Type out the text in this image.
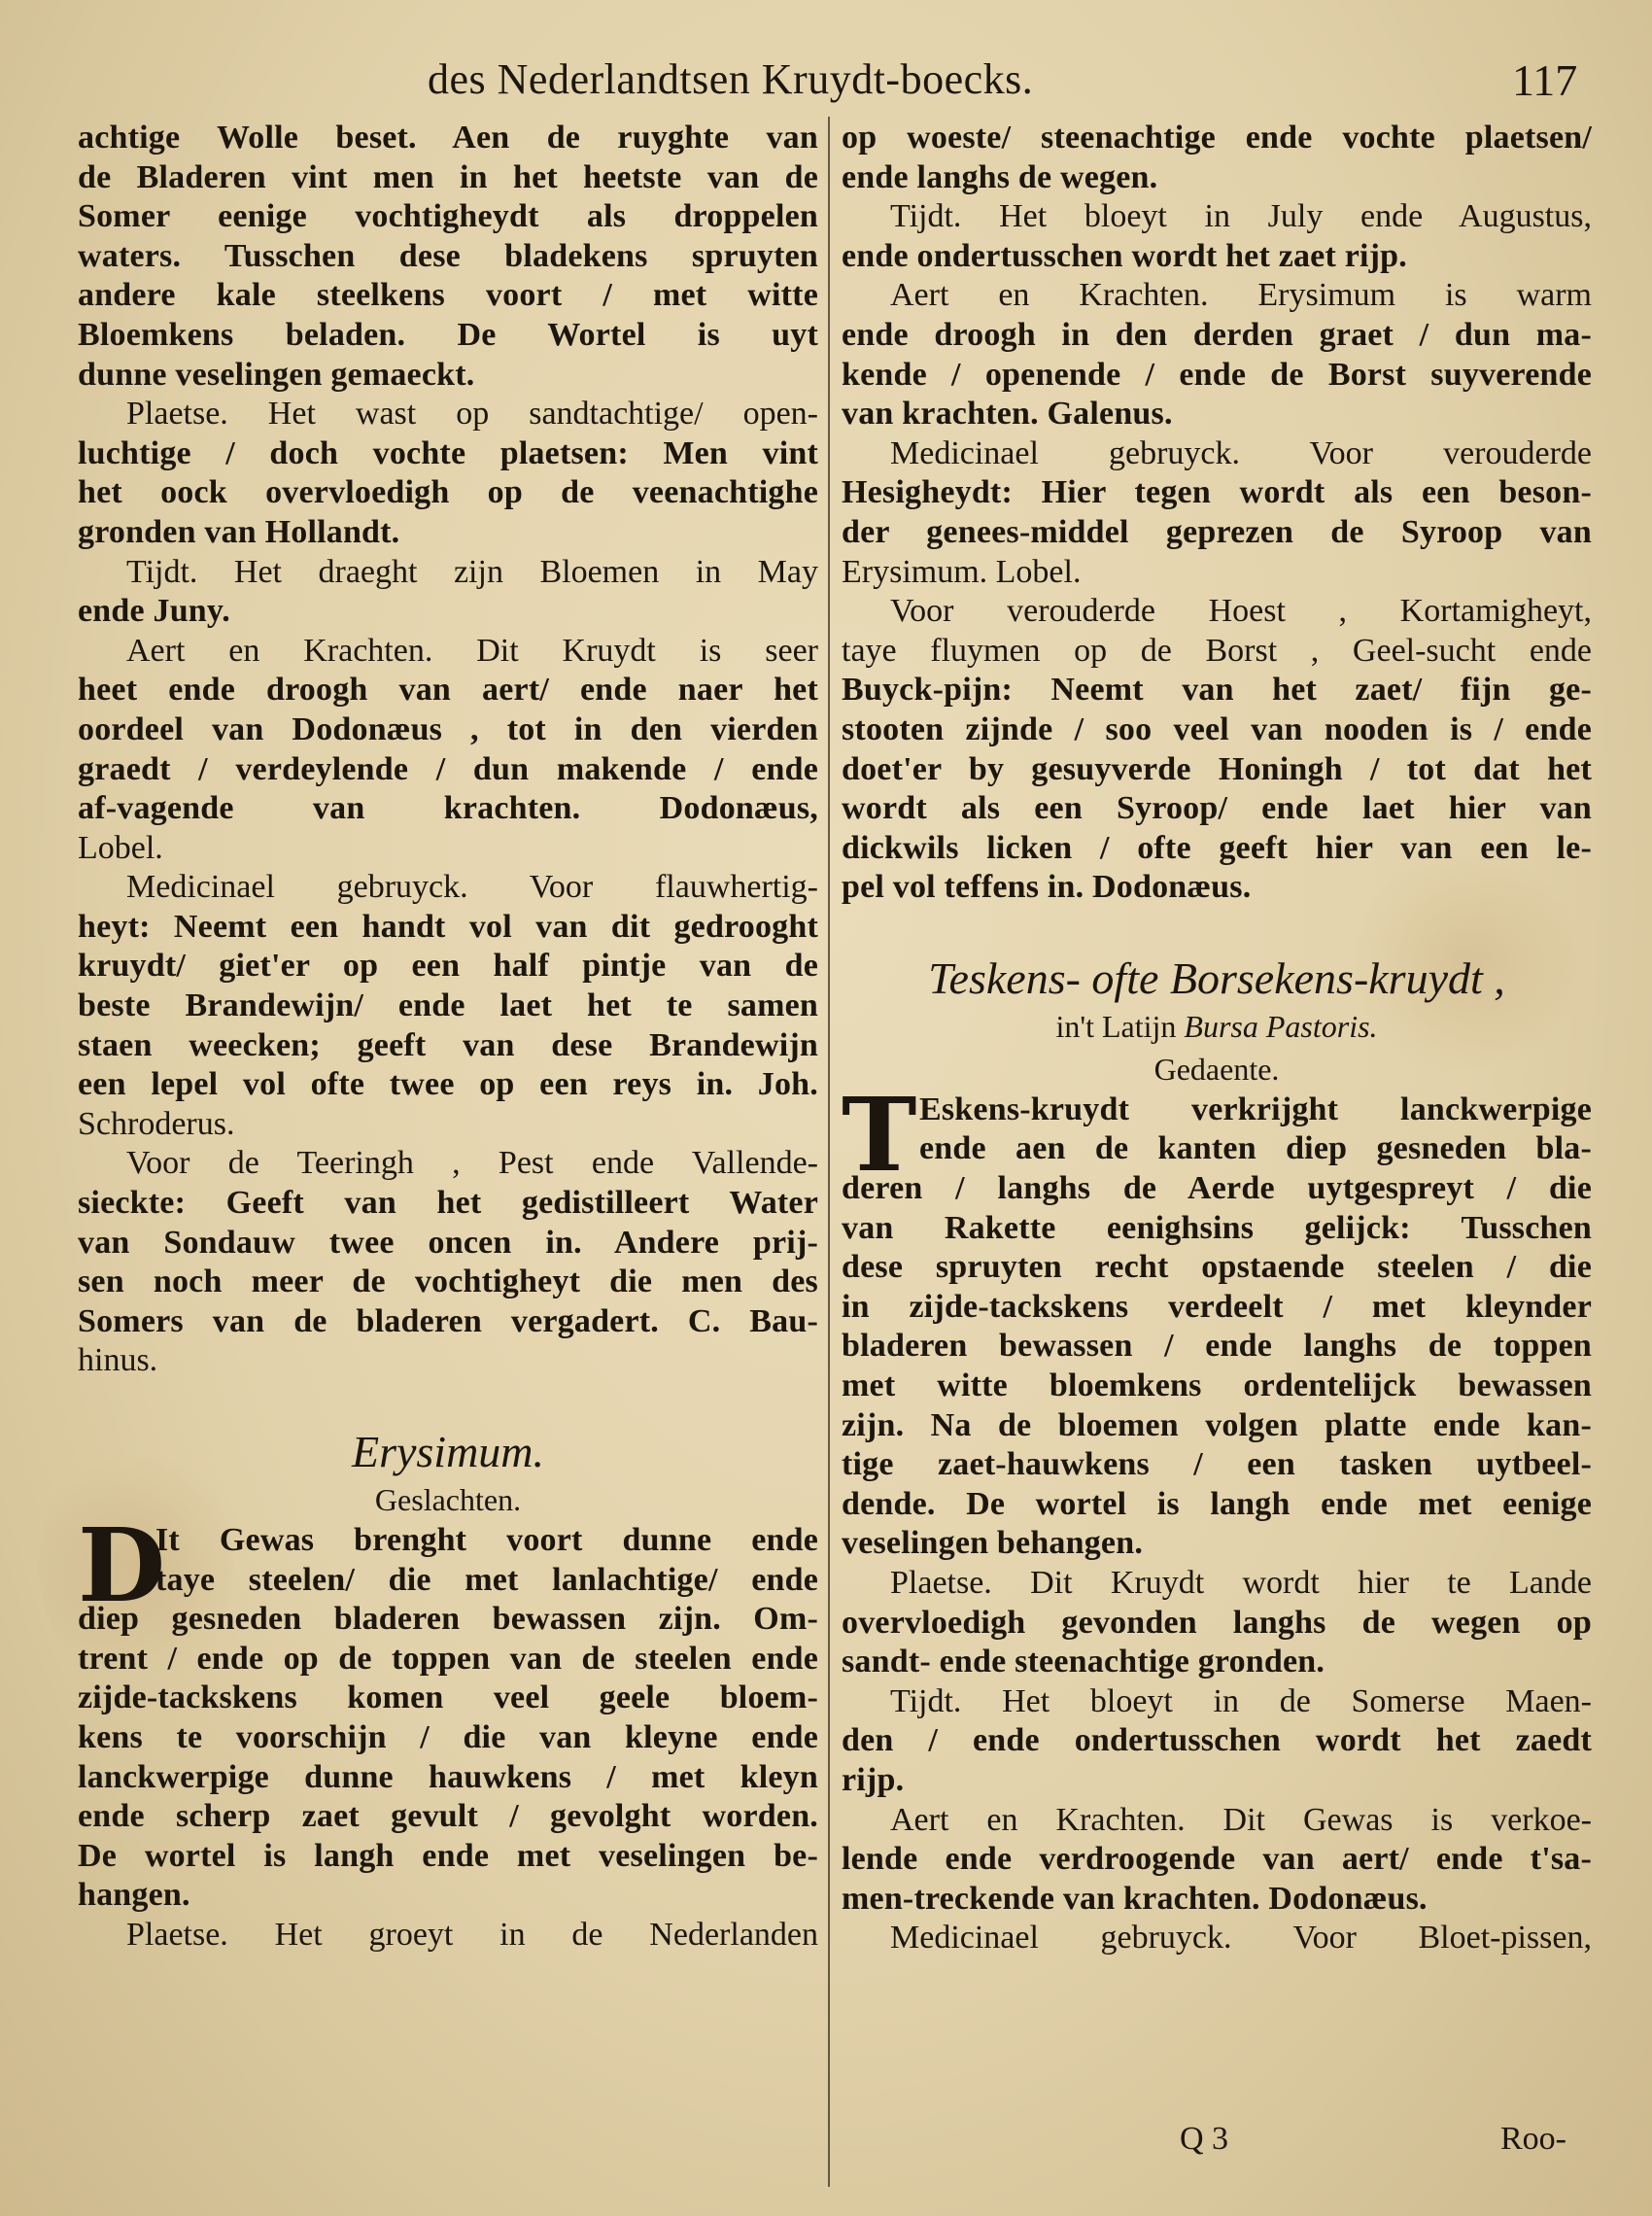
des Nederlandtsen Kruydt-boecks.	117
achtige Wolle beset. Aen de ruyghte van
de Bladeren vint men in het heetste van de
Somer eenige vochtigheydt als droppelen
waters. Tusschen dese bladekens spruyten
andere kale steelkens voort / met witte
Bloemkens beladen. De Wortel is uyt
dunne veselingen gemaeckt.
Plaetse. Het wast op sandtachtige/ open-
luchtige / doch vochte plaetsen: Men vint
het oock overvloedigh op de veenachtighe
gronden van Hollandt.
Tijdt. Het draeght zijn Bloemen in May
ende Juny.
Aert en Krachten. Dit Kruydt is seer
heet ende droogh van aert/ ende naer het
oordeel van Dodonæus , tot in den vierden
graedt / verdeylende / dun makende / ende
af-vagende van krachten. Dodonæus,
Lobel.
Medicinael gebruyck. Voor flauwhertig-
heyt: Neemt een handt vol van dit gedrooght
kruydt/ giet'er op een half pintje van de
beste Brandewijn/ ende laet het te samen
staen weecken; geeft van dese Brandewijn
een lepel vol ofte twee op een reys in. Joh.
Schroderus.
Voor de Teeringh , Pest ende Vallende-
sieckte: Geeft van het gedistilleert Water
van Sondauw twee oncen in. Andere prij-
sen noch meer de vochtigheyt die men des
Somers van de bladeren vergadert. C. Bau-
hinus.
Erysimum.
Geslachten.
D
It Gewas brenght voort dunne ende
taye steelen/ die met lanlachtige/ ende
diep gesneden bladeren bewassen zijn. Om-
trent / ende op de toppen van de steelen ende
zijde-tackskens komen veel geele bloem-
kens te voorschijn / die van kleyne ende
lanckwerpige dunne hauwkens / met kleyn
ende scherp zaet gevult / gevolght worden.
De wortel is langh ende met veselingen be-
hangen.
Plaetse. Het groeyt in de Nederlanden
op woeste/ steenachtige ende vochte plaetsen/
ende langhs de wegen.
Tijdt. Het bloeyt in July ende Augustus,
ende ondertusschen wordt het zaet rijp.
Aert en Krachten. Erysimum is warm
ende droogh in den derden graet / dun ma-
kende / openende / ende de Borst suyverende
van krachten. Galenus.
Medicinael gebruyck. Voor verouderde
Hesigheydt: Hier tegen wordt als een beson-
der genees-middel geprezen de Syroop van
Erysimum. Lobel.
Voor verouderde Hoest , Kortamigheyt,
taye fluymen op de Borst , Geel-sucht ende
Buyck-pijn: Neemt van het zaet/ fijn ge-
stooten zijnde / soo veel van nooden is / ende
doet'er by gesuyverde Honingh / tot dat het
wordt als een Syroop/ ende laet hier van
dickwils licken / ofte geeft hier van een le-
pel vol teffens in. Dodonæus.
Teskens- ofte Borsekens-kruydt ,
in't Latijn Bursa Pastoris.
Gedaente.
T Eskens-kruydt verkrijght lanckwerpige
ende aen de kanten diep gesneden bla-
deren / langhs de Aerde uytgespreyt / die
van Rakette eenighsins gelijck: Tusschen
dese spruyten recht opstaende steelen / die
in zijde-tackskens verdeelt / met kleynder
bladeren bewassen / ende langhs de toppen
met witte bloemkens ordentelijck bewassen
zijn. Na de bloemen volgen platte ende kan-
tige zaet-hauwkens / een tasken uytbeel-
dende. De wortel is langh ende met eenige
veselingen behangen.
Plaetse. Dit Kruydt wordt hier te Lande
overvloedigh gevonden langhs de wegen op
sandt- ende steenachtige gronden.
Tijdt. Het bloeyt in de Somerse Maen-
den / ende ondertusschen wordt het zaedt
rijp.
Aert en Krachten. Dit Gewas is verkoe-
lende ende verdroogende van aert/ ende t'sa-
men-treckende van krachten. Dodonæus.
Medicinael gebruyck. Voor Bloet-pissen,
Q 3	Roo-
